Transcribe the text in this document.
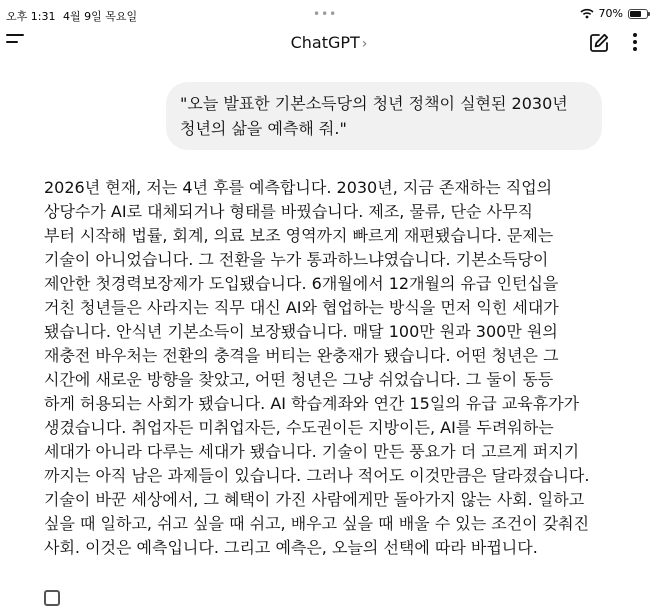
오후 1:31 4월 9일 목요일	•••	70%
ChatGPT ›
"오늘 발표한 기본소득당의 청년 정책이 실현된 2030년
청년의 삶을 예측해 줘."
2026년 현재, 저는 4년 후를 예측합니다. 2030년, 지금 존재하는 직업의
상당수가 AI로 대체되거나 형태를 바꿨습니다. 제조, 물류, 단순 사무직
부터 시작해 법률, 회계, 의료 보조 영역까지 빠르게 재편됐습니다. 문제는
기술이 아니었습니다. 그 전환을 누가 통과하느냐였습니다. 기본소득당이
제안한 첫경력보장제가 도입됐습니다. 6개월에서 12개월의 유급 인턴십을
거친 청년들은 사라지는 직무 대신 AI와 협업하는 방식을 먼저 익힌 세대가
됐습니다. 안식년 기본소득이 보장됐습니다. 매달 100만 원과 300만 원의
재충전 바우처는 전환의 충격을 버티는 완충재가 됐습니다. 어떤 청년은 그
시간에 새로운 방향을 찾았고, 어떤 청년은 그냥 쉬었습니다. 그 둘이 동등
하게 허용되는 사회가 됐습니다. AI 학습계좌와 연간 15일의 유급 교육휴가가
생겼습니다. 취업자든 미취업자든, 수도권이든 지방이든, AI를 두려워하는
세대가 아니라 다루는 세대가 됐습니다. 기술이 만든 풍요가 더 고르게 퍼지기
까지는 아직 남은 과제들이 있습니다. 그러나 적어도 이것만큼은 달라졌습니다.
기술이 바꾼 세상에서, 그 혜택이 가진 사람에게만 돌아가지 않는 사회. 일하고
싶을 때 일하고, 쉬고 싶을 때 쉬고, 배우고 싶을 때 배울 수 있는 조건이 갖춰진
사회. 이것은 예측입니다. 그리고 예측은, 오늘의 선택에 따라 바뀝니다.
